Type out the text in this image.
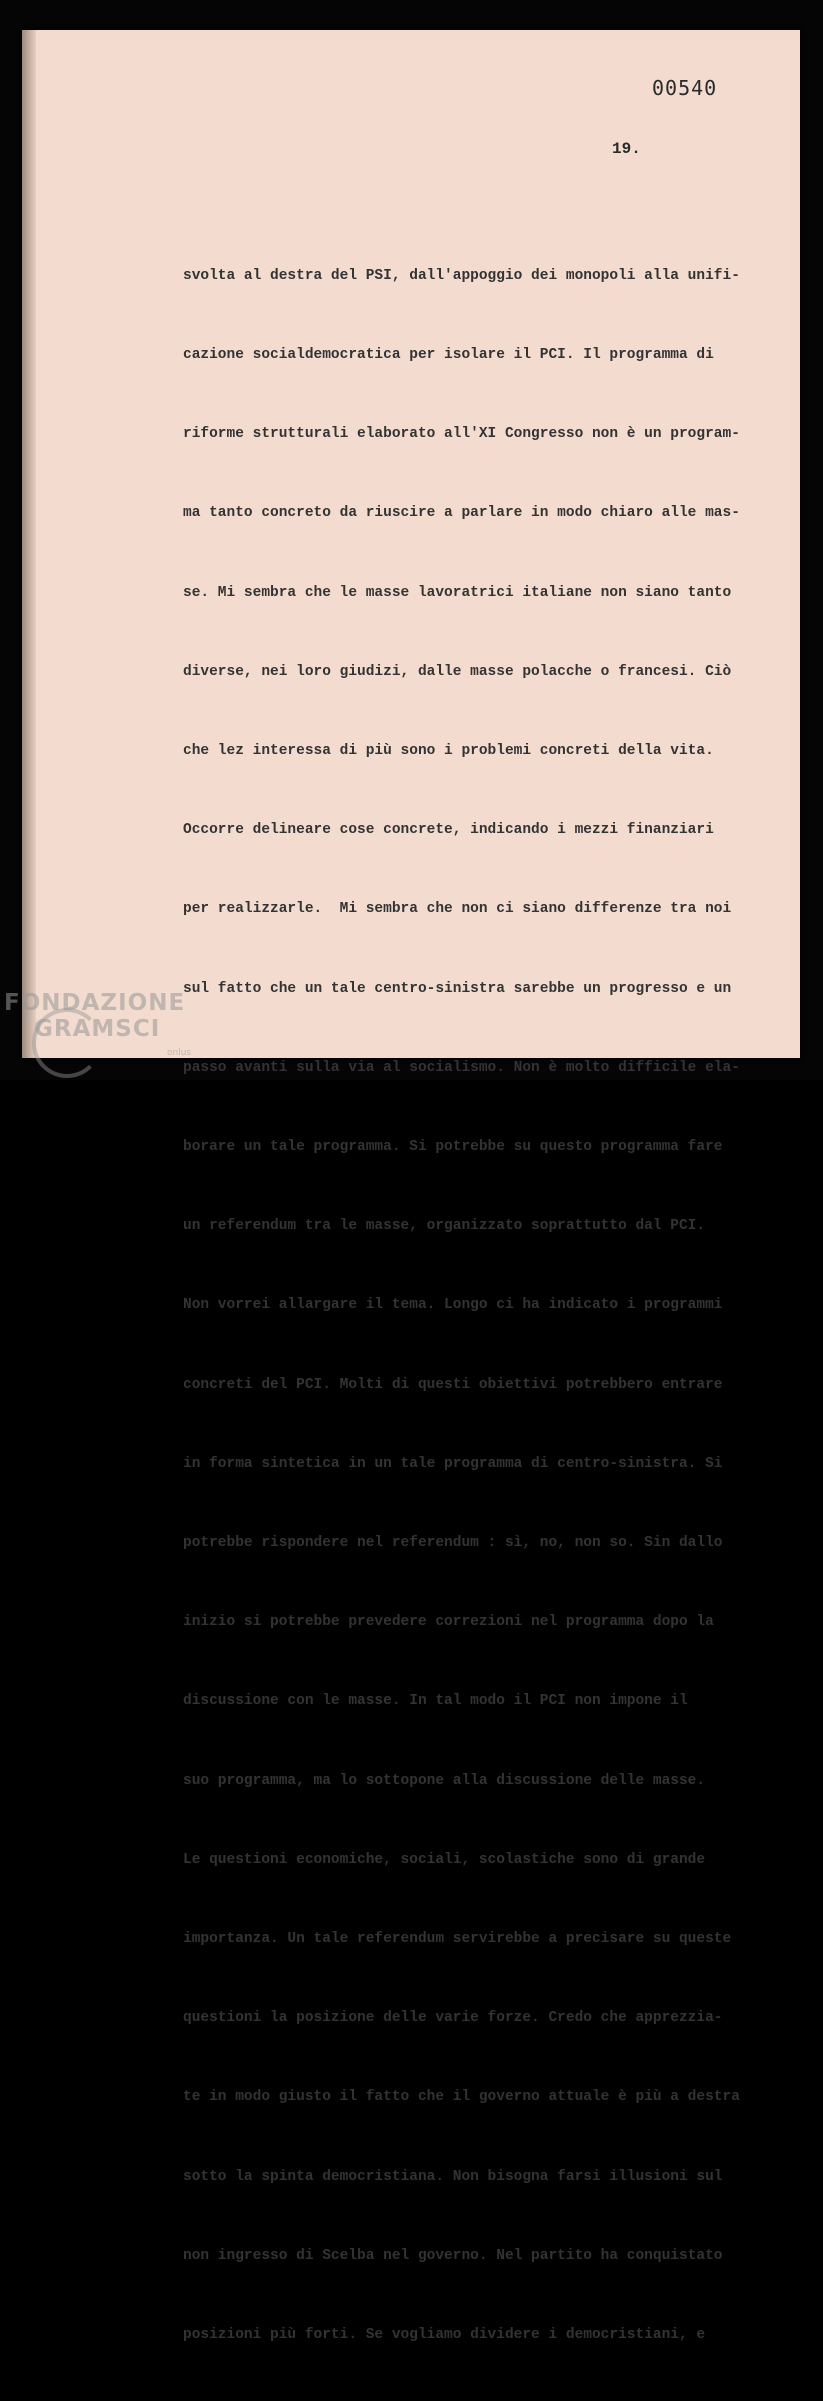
00540
19.

svolta al destra del PSI, dall'appoggio dei monopoli alla unifi-

cazione socialdemocratica per isolare il PCI. Il programma di

riforme strutturali elaborato all'XI Congresso non è un program-

ma tanto concreto da riuscire a parlare in modo chiaro alle mas-

se. Mi sembra che le masse lavoratrici italiane non siano tanto

diverse, nei loro giudizi, dalle masse polacche o francesi. Ciò

che lez interessa di più sono i problemi concreti della vita.

Occorre delineare cose concrete, indicando i mezzi finanziari

per realizzarle.  Mi sembra che non ci siano differenze tra noi

sul fatto che un tale centro-sinistra sarebbe un progresso e un

passo avanti sulla via al socialismo. Non è molto difficile ela-

borare un tale programma. Si potrebbe su questo programma fare

un referendum tra le masse, organizzato soprattutto dal PCI.

Non vorrei allargare il tema. Longo ci ha indicato i programmi

concreti del PCI. Molti di questi obiettivi potrebbero entrare

in forma sintetica in un tale programma di centro-sinistra. Si

potrebbe rispondere nel referendum : sì, no, non so. Sin dallo

inizio si potrebbe prevedere correzioni nel programma dopo la

discussione con le masse. In tal modo il PCI non impone il

suo programma, ma lo sottopone alla discussione delle masse.

Le questioni economiche, sociali, scolastiche sono di grande

importanza. Un tale referendum servirebbe a precisare su queste

questioni la posizione delle varie forze. Credo che apprezzia-

te in modo giusto il fatto che il governo attuale è più a destra

sotto la spinta democristiana. Non bisogna farsi illusioni sul

non ingresso di Scelba nel governo. Nel partito ha conquistato

posizioni più forti. Se vogliamo dividere i democristiani, e

FONDAZIONE
GRAMSCI
onlus
